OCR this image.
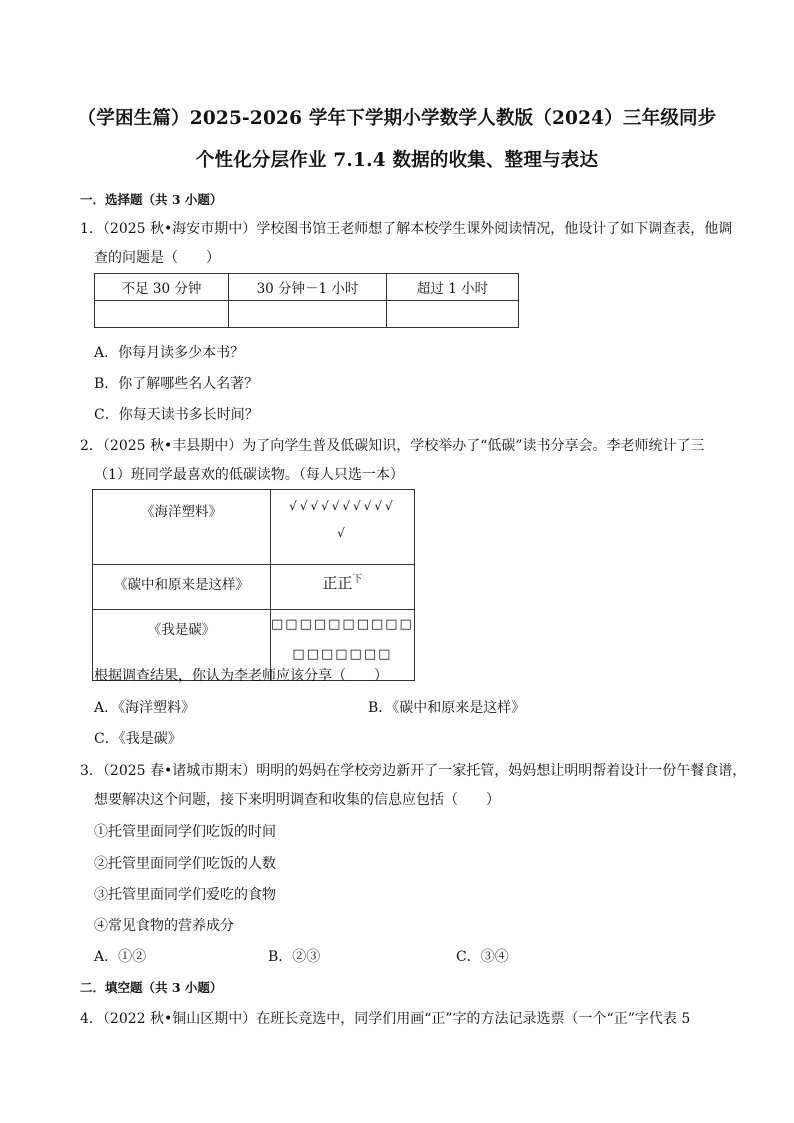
（学困生篇）2025-2026 学年下学期小学数学人教版（2024）三年级同步
个性化分层作业 7.1.4 数据的收集、整理与表达
一．选择题（共 3 小题）
1．（2025 秋•海安市期中）学校图书馆王老师想了解本校学生课外阅读情况，他设计了如下调查表，他调
查的问题是（　　）
不足 30 分钟	30 分钟－1 小时	超过 1 小时

A．你每月读多少本书？
B．你了解哪些名人名著？
C．你每天读书多长时间？
2．（2025 秋•丰县期中）为了向学生普及低碳知识，学校举办了“低碳”读书分享会。李老师统计了三
（1）班同学最喜欢的低碳读物。（每人只选一本）
《海洋塑料》	√√√√√√√√√√
√

《碳中和原来是这样》	正正$^下$

《我是碳》	□□□□□□□□□□
□□□□□□□
根据调查结果，你认为李老师应该分享（　　）
A．《海洋塑料》	B．《碳中和原来是这样》
C．《我是碳》
3．（2025 春•诸城市期末）明明的妈妈在学校旁边新开了一家托管，妈妈想让明明帮着设计一份午餐食谱，
想要解决这个问题，接下来明明调查和收集的信息应包括（　　）
①托管里面同学们吃饭的时间
②托管里面同学们吃饭的人数
③托管里面同学们爱吃的食物
④常见食物的营养成分
A．①②	B．②③	C．③④
二．填空题（共 3 小题）
4．（2022 秋•铜山区期中）在班长竞选中，同学们用画“正”字的方法记录选票（一个“正”字代表 5
